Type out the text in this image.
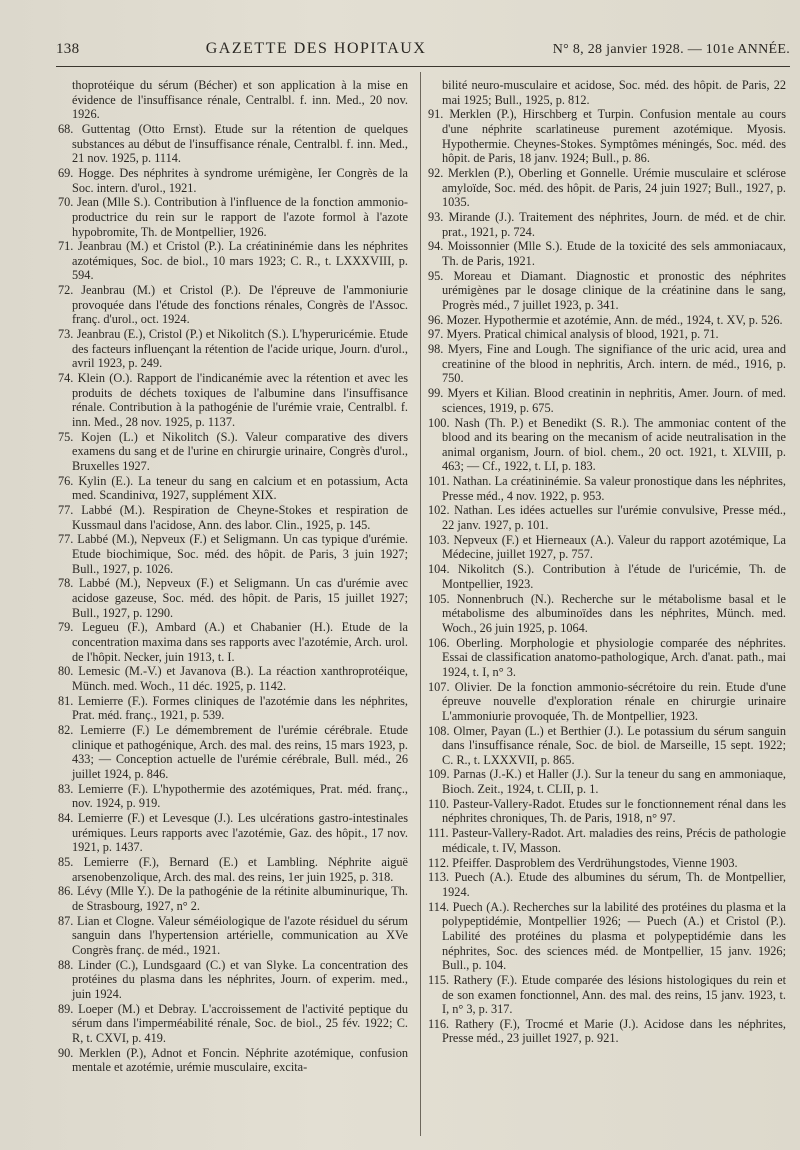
138	GAZETTE DES HOPITAUX	N° 8, 28 janvier 1928. — 101e ANNÉE.

thoprotéique du sérum (Bécher) et son application à la mise en évidence de l'insuffisance rénale, Centralbl. f. inn. Med., 20 nov. 1926.

68. Guttentag (Otto Ernst). Etude sur la rétention de quelques substances au début de l'insuffisance rénale, Centralbl. f. inn. Med., 21 nov. 1925, p. 1114.

69. Hogge. Des néphrites à syndrome urémigène, Ier Congrès de la Soc. intern. d'urol., 1921.

70. Jean (Mlle S.). Contribution à l'influence de la fonction ammonio-productrice du rein sur le rapport de l'azote formol à l'azote hypobromite, Th. de Montpellier, 1926.

71. Jeanbrau (M.) et Cristol (P.). La créatininémie dans les néphrites azotémiques, Soc. de biol., 10 mars 1923; C. R., t. LXXXVIII, p. 594.

72. Jeanbrau (M.) et Cristol (P.). De l'épreuve de l'ammoniurie provoquée dans l'étude des fonctions rénales, Congrès de l'Assoc. franç. d'urol., oct. 1924.

73. Jeanbrau (E.), Cristol (P.) et Nikolitch (S.). L'hyperuricémie. Etude des facteurs influençant la rétention de l'acide urique, Journ. d'urol., avril 1923, p. 249.

74. Klein (O.). Rapport de l'indicanémie avec la rétention et avec les produits de déchets toxiques de l'albumine dans l'insuffisance rénale. Contribution à la pathogénie de l'urémie vraie, Centralbl. f. inn. Med., 28 nov. 1925, p. 1137.

75. Kojen (L.) et Nikolitch (S.). Valeur comparative des divers examens du sang et de l'urine en chirurgie urinaire, Congrès d'urol., Bruxelles 1927.

76. Kylin (E.). La teneur du sang en calcium et en potassium, Acta med. Scandinivα, 1927, supplément XIX.

77. Labbé (M.). Respiration de Cheyne-Stokes et respiration de Kussmaul dans l'acidose, Ann. des labor. Clin., 1925, p. 145.

77. Labbé (M.), Nepveux (F.) et Seligmann. Un cas typique d'urémie. Etude biochimique, Soc. méd. des hôpit. de Paris, 3 juin 1927; Bull., 1927, p. 1026.

78. Labbé (M.), Nepveux (F.) et Seligmann. Un cas d'urémie avec acidose gazeuse, Soc. méd. des hôpit. de Paris, 15 juillet 1927; Bull., 1927, p. 1290.

79. Legueu (F.), Ambard (A.) et Chabanier (H.). Etude de la concentration maxima dans ses rapports avec l'azotémie, Arch. urol. de l'hôpit. Necker, juin 1913, t. I.

80. Lemesic (M.-V.) et Javanova (B.). La réaction xanthroprotéique, Münch. med. Woch., 11 déc. 1925, p. 1142.

81. Lemierre (F.). Formes cliniques de l'azotémie dans les néphrites, Prat. méd. franç., 1921, p. 539.

82. Lemierre (F.) Le démembrement de l'urémie cérébrale. Etude clinique et pathogénique, Arch. des mal. des reins, 15 mars 1923, p. 433; — Conception actuelle de l'urémie cérébrale, Bull. méd., 26 juillet 1924, p. 846.

83. Lemierre (F.). L'hypothermie des azotémiques, Prat. méd. franç., nov. 1924, p. 919.

84. Lemierre (F.) et Levesque (J.). Les ulcérations gastro-intestinales urémiques. Leurs rapports avec l'azotémie, Gaz. des hôpit., 17 nov. 1921, p. 1437.

85. Lemierre (F.), Bernard (E.) et Lambling. Néphrite aiguë arsenobenzolique, Arch. des mal. des reins, 1er juin 1925, p. 318.

86. Lévy (Mlle Y.). De la pathogénie de la rétinite albuminurique, Th. de Strasbourg, 1927, n° 2.

87. Lian et Clogne. Valeur séméiologique de l'azote résiduel du sérum sanguin dans l'hypertension artérielle, communication au XVe Congrès franç. de méd., 1921.

88. Linder (C.), Lundsgaard (C.) et van Slyke. La concentration des protéines du plasma dans les néphrites, Journ. of experim. med., juin 1924.

89. Loeper (M.) et Debray. L'accroissement de l'activité peptique du sérum dans l'imperméabilité rénale, Soc. de biol., 25 fév. 1922; C. R, t. CXVI, p. 419.

90. Merklen (P.), Adnot et Foncin. Néphrite azotémique, confusion mentale et azotémie, urémie musculaire, excita-

bilité neuro-musculaire et acidose, Soc. méd. des hôpit. de Paris, 22 mai 1925; Bull., 1925, p. 812.

91. Merklen (P.), Hirschberg et Turpin. Confusion mentale au cours d'une néphrite scarlatineuse purement azotémique. Myosis. Hypothermie. Cheynes-Stokes. Symptômes méningés, Soc. méd. des hôpit. de Paris, 18 janv. 1924; Bull., p. 86.

92. Merklen (P.), Oberling et Gonnelle. Urémie musculaire et sclérose amyloïde, Soc. méd. des hôpit. de Paris, 24 juin 1927; Bull., 1927, p. 1035.

93. Mirande (J.). Traitement des néphrites, Journ. de méd. et de chir. prat., 1921, p. 724.

94. Moissonnier (Mlle S.). Etude de la toxicité des sels ammoniacaux, Th. de Paris, 1921.

95. Moreau et Diamant. Diagnostic et pronostic des néphrites urémigènes par le dosage clinique de la créatinine dans le sang, Progrès méd., 7 juillet 1923, p. 341.

96. Mozer. Hypothermie et azotémie, Ann. de méd., 1924, t. XV, p. 526.

97. Myers. Pratical chimical analysis of blood, 1921, p. 71.

98. Myers, Fine and Lough. The signifiance of the uric acid, urea and creatinine of the blood in nephritis, Arch. intern. de méd., 1916, p. 750.

99. Myers et Kilian. Blood creatinin in nephritis, Amer. Journ. of med. sciences, 1919, p. 675.

100. Nash (Th. P.) et Benedikt (S. R.). The ammoniac content of the blood and its bearing on the mecanism of acide neutralisation in the animal organism, Journ. of biol. chem., 20 oct. 1921, t. XLVIII, p. 463; — Cf., 1922, t. LI, p. 183.

101. Nathan. La créatininémie. Sa valeur pronostique dans les néphrites, Presse méd., 4 nov. 1922, p. 953.

102. Nathan. Les idées actuelles sur l'urémie convulsive, Presse méd., 22 janv. 1927, p. 101.

103. Nepveux (F.) et Hierneaux (A.). Valeur du rapport azotémique, La Médecine, juillet 1927, p. 757.

104. Nikolitch (S.). Contribution à l'étude de l'uricémie, Th. de Montpellier, 1923.

105. Nonnenbruch (N.). Recherche sur le métabolisme basal et le métabolisme des albuminoïdes dans les néphrites, Münch. med. Woch., 26 juin 1925, p. 1064.

106. Oberling. Morphologie et physiologie comparée des néphrites. Essai de classification anatomo-pathologique, Arch. d'anat. path., mai 1924, t. I, n° 3.

107. Olivier. De la fonction ammonio-sécrétoire du rein. Etude d'une épreuve nouvelle d'exploration rénale en chirurgie urinaire L'ammoniurie provoquée, Th. de Montpellier, 1923.

108. Olmer, Payan (L.) et Berthier (J.). Le potassium du sérum sanguin dans l'insuffisance rénale, Soc. de biol. de Marseille, 15 sept. 1922; C. R., t. LXXXVII, p. 865.

109. Parnas (J.-K.) et Haller (J.). Sur la teneur du sang en ammoniaque, Bioch. Zeit., 1924, t. CLII, p. 1.

110. Pasteur-Vallery-Radot. Etudes sur le fonctionnement rénal dans les néphrites chroniques, Th. de Paris, 1918, n° 97.

111. Pasteur-Vallery-Radot. Art. maladies des reins, Précis de pathologie médicale, t. IV, Masson.

112. Pfeiffer. Dasproblem des Verdrühungstodes, Vienne 1903.

113. Puech (A.). Etude des albumines du sérum, Th. de Montpellier, 1924.

114. Puech (A.). Recherches sur la labilité des protéines du plasma et la polypeptidémie, Montpellier 1926; — Puech (A.) et Cristol (P.). Labilité des protéines du plasma et polypeptidémie dans les néphrites, Soc. des sciences méd. de Montpellier, 15 janv. 1926; Bull., p. 104.

115. Rathery (F.). Etude comparée des lésions histologiques du rein et de son examen fonctionnel, Ann. des mal. des reins, 15 janv. 1923, t. I, n° 3, p. 317.

116. Rathery (F.), Trocmé et Marie (J.). Acidose dans les néphrites, Presse méd., 23 juillet 1927, p. 921.
